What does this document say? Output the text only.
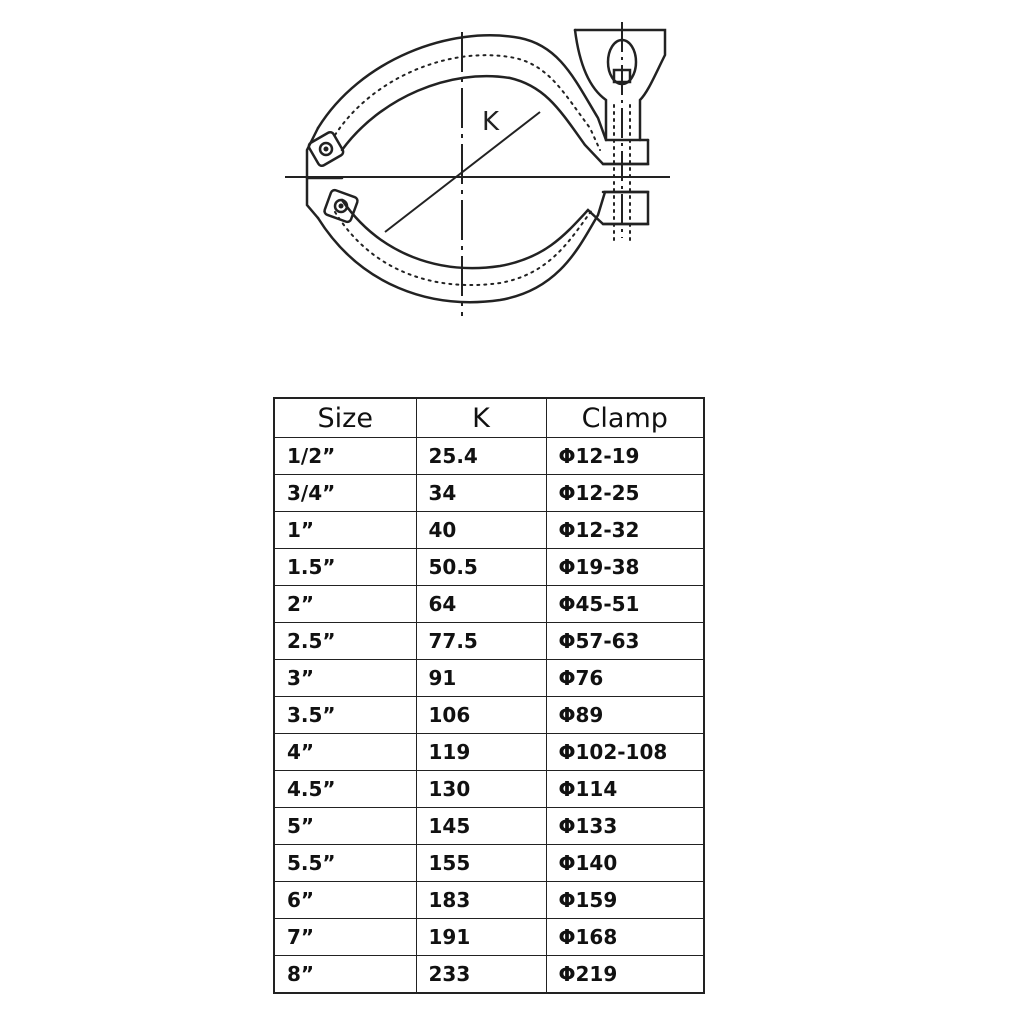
K
Size	K	Clamp
1/2”	25.4	Φ12-19
3/4”	34	Φ12-25
1”	40	Φ12-32
1.5”	50.5	Φ19-38
2”	64	Φ45-51
2.5”	77.5	Φ57-63
3”	91	Φ76
3.5”	106	Φ89
4”	119	Φ102-108
4.5”	130	Φ114
5”	145	Φ133
5.5”	155	Φ140
6”	183	Φ159
7”	191	Φ168
8”	233	Φ219
